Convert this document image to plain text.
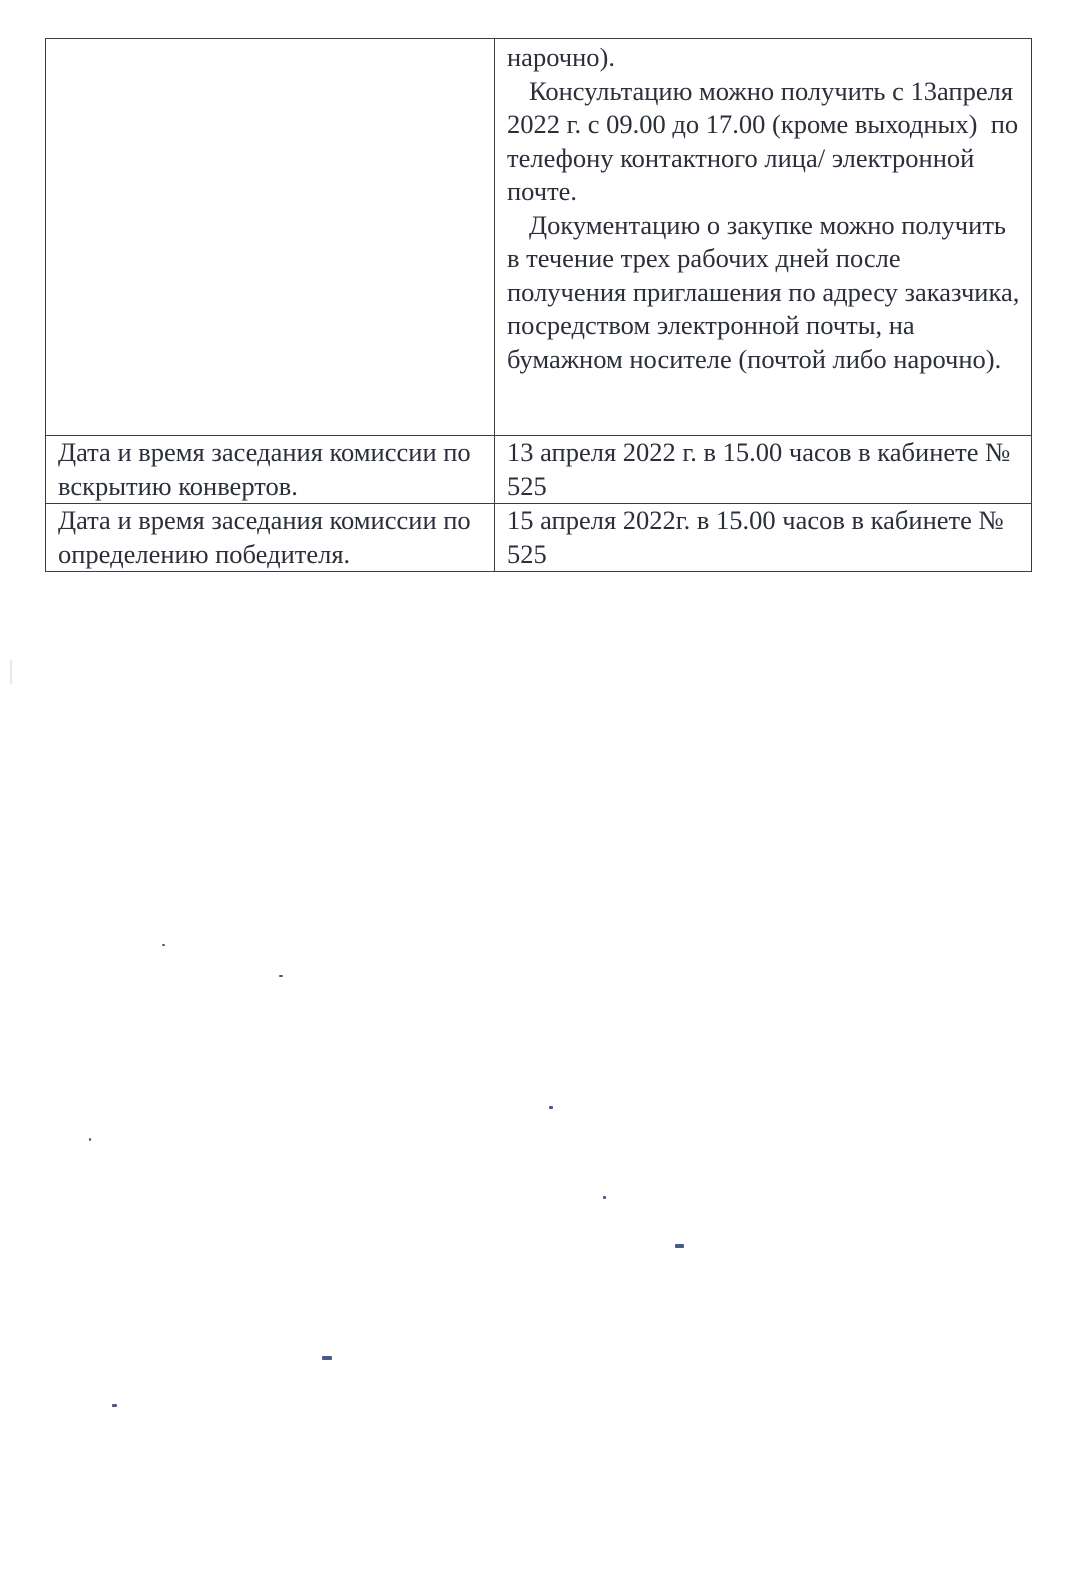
	нарочно).
Консультацию можно получить с 13апреля 2022 г. с 09.00 до 17.00 (кроме выходных)  по телефону контактного лица/ электронной почте.
Документацию о закупке можно получить в течение трех рабочих дней после получения приглашения по адресу заказчика, посредством электронной почты, на бумажном носителе (почтой либо нарочно).

Дата и время заседания комиссии по вскрытию конвертов.	13 апреля 2022 г. в 15.00 часов в кабинете № 525
Дата и время заседания комиссии по определению победителя.	15 апреля 2022г. в 15.00 часов в кабинете № 525
